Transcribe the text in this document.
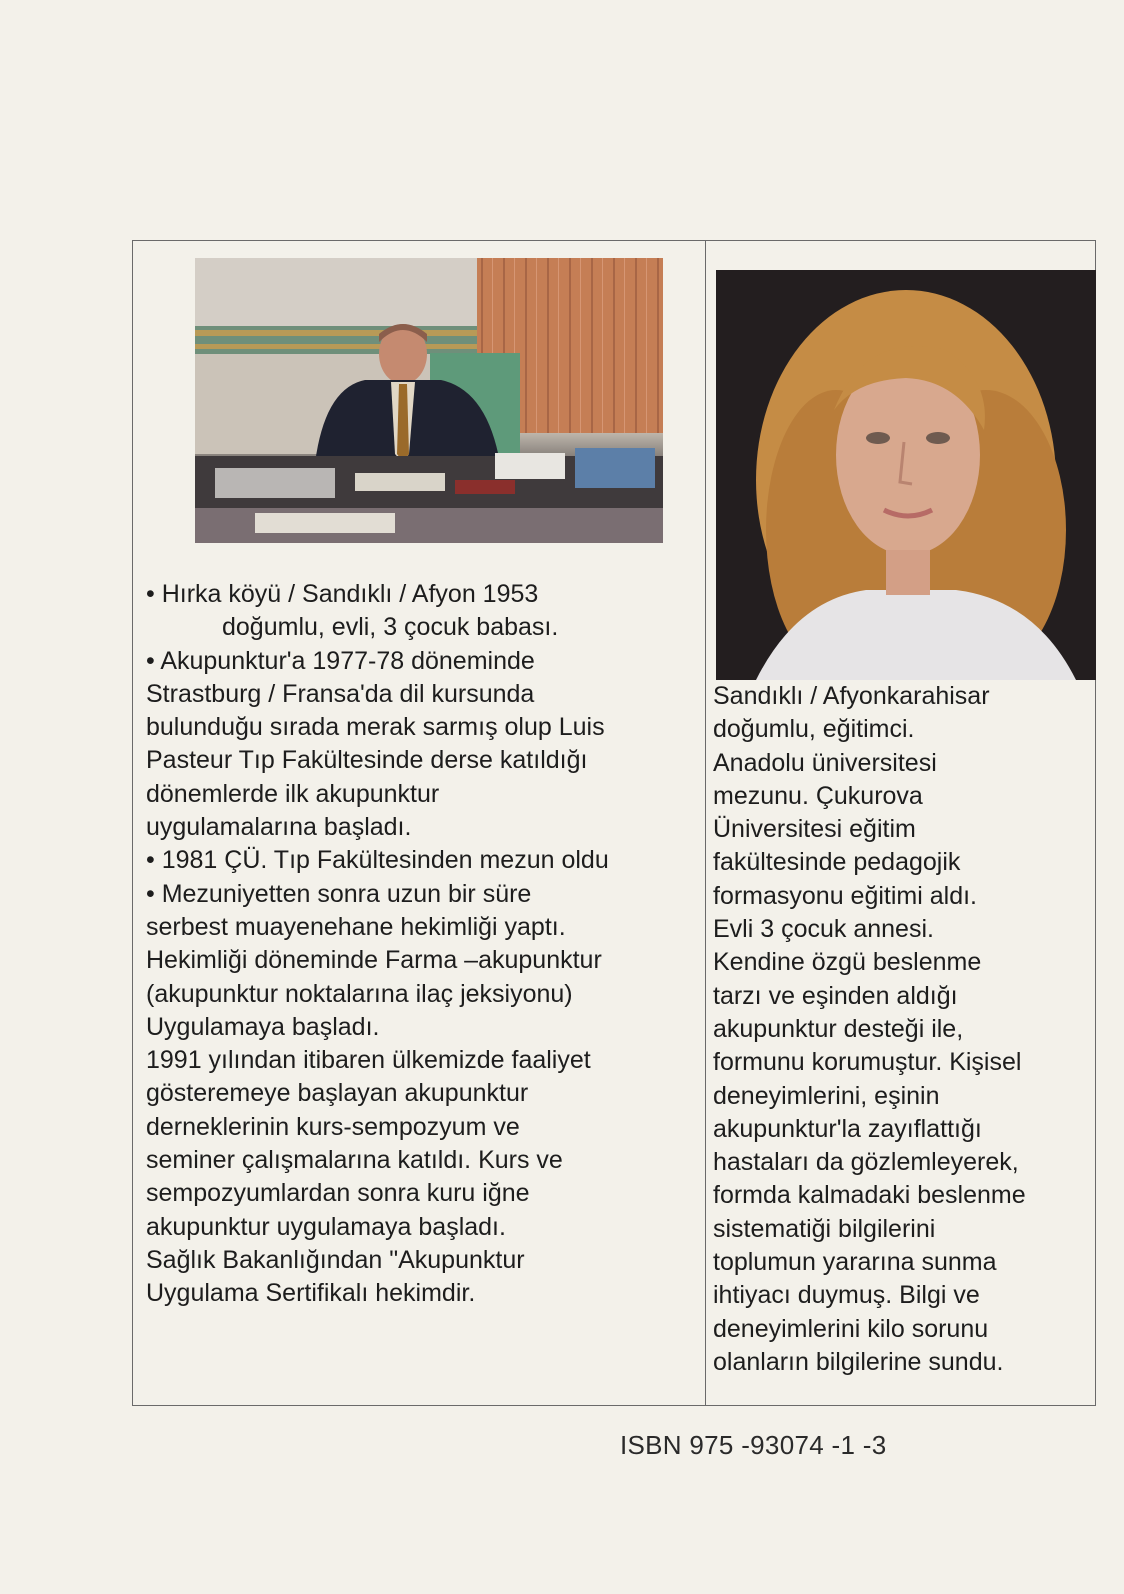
• Hırka köyü / Sandıklı / Afyon 1953

doğumlu, evli, 3 çocuk babası.

• Akupunktur'a 1977-78 döneminde

Strastburg / Fransa'da dil kursunda

bulunduğu sırada merak sarmış olup Luis

Pasteur Tıp Fakültesinde derse katıldığı

dönemlerde ilk akupunktur

uygulamalarına başladı.

• 1981 ÇÜ. Tıp Fakültesinden mezun oldu

• Mezuniyetten sonra uzun bir süre

serbest muayenehane hekimliği yaptı.

Hekimliği döneminde Farma –akupunktur

(akupunktur noktalarına ilaç jeksiyonu)

Uygulamaya başladı.

1991 yılından itibaren ülkemizde faaliyet

gösteremeye başlayan akupunktur

derneklerinin kurs-sempozyum ve

seminer çalışmalarına katıldı. Kurs ve

sempozyumlardan sonra kuru iğne

akupunktur uygulamaya başladı.

Sağlık Bakanlığından "Akupunktur

Uygulama Sertifikalı hekimdir.

Sandıklı / Afyonkarahisar

doğumlu, eğitimci.

Anadolu üniversitesi

mezunu. Çukurova

Üniversitesi eğitim

fakültesinde pedagojik

formasyonu eğitimi aldı.

Evli 3 çocuk annesi.

Kendine özgü beslenme

tarzı ve eşinden aldığı

akupunktur desteği ile,

formunu korumuştur. Kişisel

deneyimlerini, eşinin

akupunktur'la zayıflattığı

hastaları da gözlemleyerek,

formda kalmadaki beslenme

sistematiği bilgilerini

toplumun yararına sunma

ihtiyacı duymuş. Bilgi ve

deneyimlerini kilo sorunu

olanların bilgilerine sundu.

ISBN 975 -93074 -1 -3
